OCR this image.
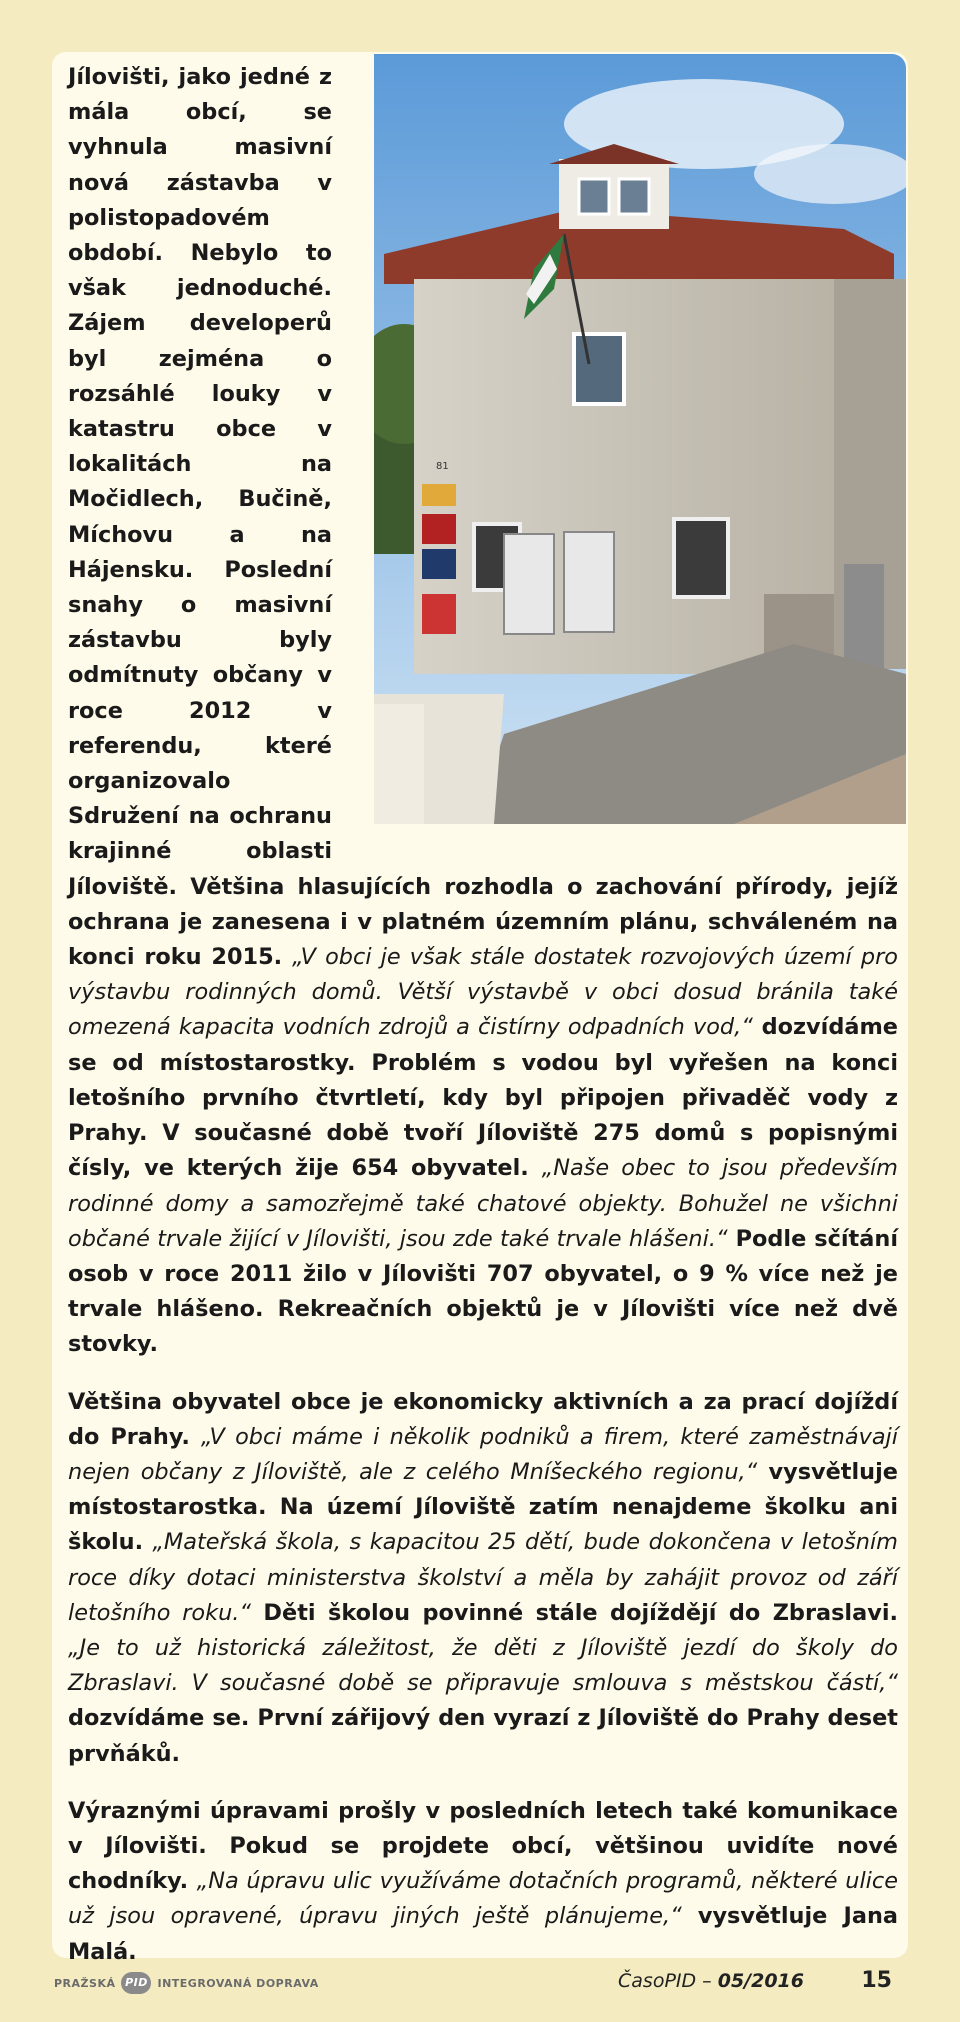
81

Jílovišti, jako jedné z mála obcí, se vyhnula masivní nová zástavba v polistopadovém období. Nebylo to však jednoduché. Zájem developerů byl zejména o rozsáhlé louky v katastru obce v lokalitách na Močidlech, Bučině, Míchovu a na Hájensku. Poslední snahy o masivní zástavbu byly odmítnuty občany v roce 2012 v referendu, které organizovalo Sdružení na ochranu krajinné oblasti Jíloviště. Většina hlasujících rozhodla o zachování přírody, jejíž ochrana je zanesena i v platném územním plánu, schváleném na konci roku 2015. „V obci je však stále dostatek rozvojových území pro výstavbu rodinných domů. Větší výstavbě v obci dosud bránila také omezená kapacita vodních zdrojů a čistírny odpadních vod,“ dozvídáme se od místostarostky. Problém s vodou byl vyřešen na konci letošního prvního čtvrtletí, kdy byl připojen přivaděč vody z Prahy. V současné době tvoří Jíloviště 275 domů s popisnými čísly, ve kterých žije 654 obyvatel. „Naše obec to jsou především rodinné domy a samozřejmě také chatové objekty. Bohužel ne všichni občané trvale žijící v Jílovišti, jsou zde také trvale hlášeni.“ Podle sčítání osob v roce 2011 žilo v Jílovišti 707 obyvatel, o 9 % více než je trvale hlášeno. Rekreačních objektů je v Jílovišti více než dvě stovky.

Většina obyvatel obce je ekonomicky aktivních a za prací dojíždí do Prahy. „V obci máme i několik podniků a firem, které zaměstnávají nejen občany z Jíloviště, ale z celého Mníšeckého regionu,“ vysvětluje místostarostka. Na území Jíloviště zatím nenajdeme školku ani školu. „Mateřská škola, s kapacitou 25 dětí, bude dokončena v letošním roce díky dotaci ministerstva školství a měla by zahájit provoz od září letošního roku.“ Děti školou povinné stále dojíždějí do Zbraslavi. „Je to už historická záležitost, že děti z Jíloviště jezdí do školy do Zbraslavi. V současné době se připravuje smlouva s městskou částí,“ dozvídáme se. První zářijový den vyrazí z Jíloviště do Prahy deset prvňáků.

Výraznými úpravami prošly v posledních letech také komunikace v Jílovišti. Pokud se projdete obcí, většinou uvidíte nové chodníky. „Na úpravu ulic využíváme dotačních programů, některé ulice už jsou opravené, úpravu jiných ještě plánujeme,“ vysvětluje Jana Malá.

PRAŽSKÁ PID INTEGROVANÁ DOPRAVA	ČasoPID – 05/2016	15
